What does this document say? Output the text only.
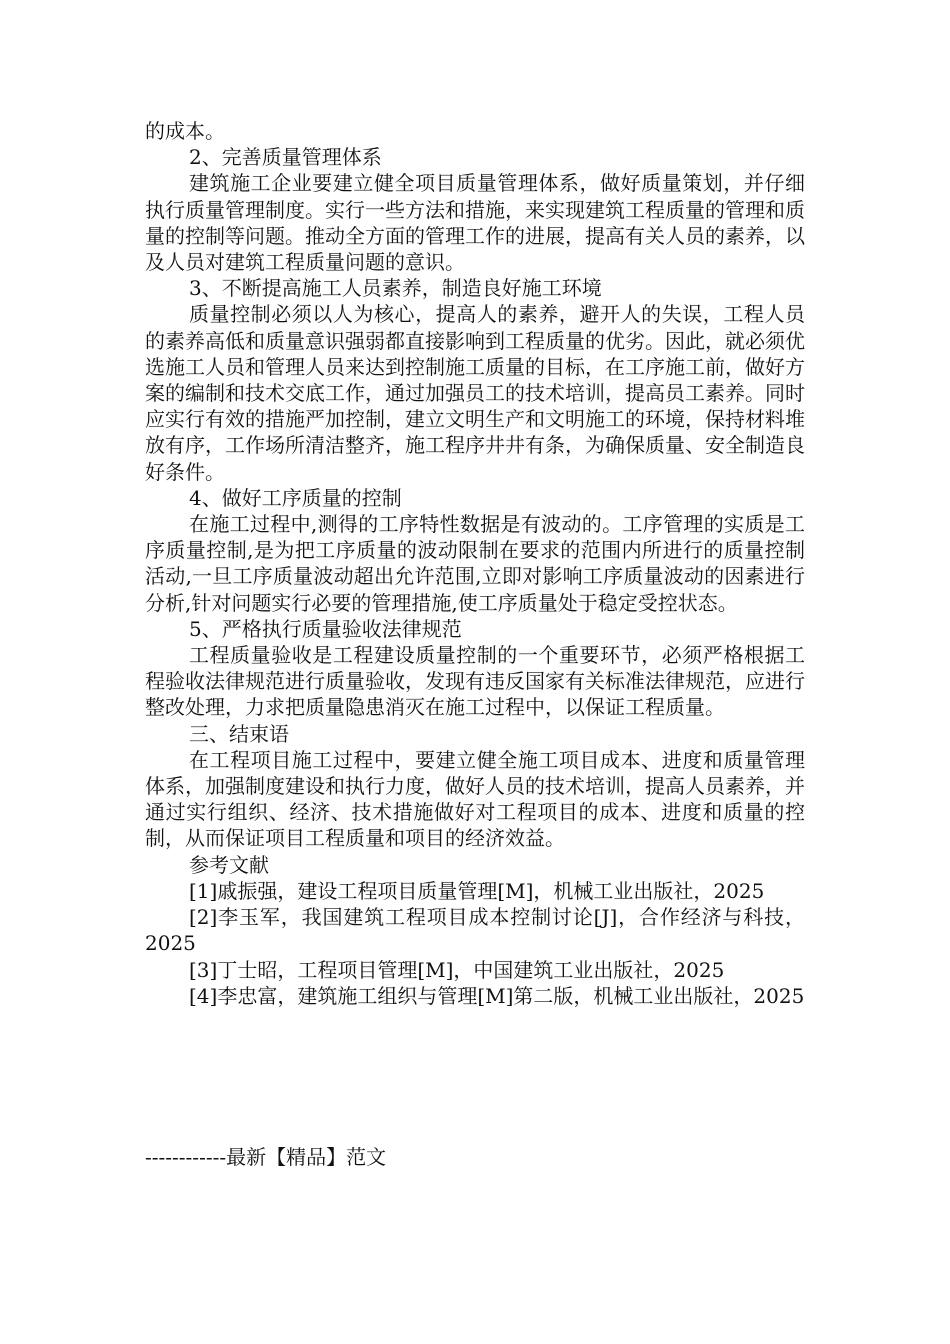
的成本。

2、完善质量管理体系

建筑施工企业要建立健全项目质量管理体系，做好质量策划，并仔细执行质量管理制度。实行一些方法和措施，来实现建筑工程质量的管理和质量的控制等问题。推动全方面的管理工作的进展，提高有关人员的素养，以及人员对建筑工程质量问题的意识。

3、不断提高施工人员素养，制造良好施工环境

质量控制必须以人为核心，提高人的素养，避开人的失误，工程人员的素养高低和质量意识强弱都直接影响到工程质量的优劣。因此，就必须优选施工人员和管理人员来达到控制施工质量的目标，在工序施工前，做好方案的编制和技术交底工作，通过加强员工的技术培训，提高员工素养。同时应实行有效的措施严加控制，建立文明生产和文明施工的环境，保持材料堆放有序，工作场所清洁整齐，施工程序井井有条，为确保质量、安全制造良好条件。

4、做好工序质量的控制

在施工过程中,测得的工序特性数据是有波动的。工序管理的实质是工序质量控制,是为把工序质量的波动限制在要求的范围内所进行的质量控制活动,一旦工序质量波动超出允许范围,立即对影响工序质量波动的因素进行分析,针对问题实行必要的管理措施,使工序质量处于稳定受控状态。

5、严格执行质量验收法律规范

工程质量验收是工程建设质量控制的一个重要环节，必须严格根据工程验收法律规范进行质量验收，发现有违反国家有关标准法律规范，应进行整改处理，力求把质量隐患消灭在施工过程中，以保证工程质量。

三、结束语

在工程项目施工过程中，要建立健全施工项目成本、进度和质量管理体系，加强制度建设和执行力度，做好人员的技术培训，提高人员素养，并通过实行组织、经济、技术措施做好对工程项目的成本、进度和质量的控制，从而保证项目工程质量和项目的经济效益。

参考文献

[1]戚振强，建设工程项目质量管理[M]，机械工业出版社，2025

[2]李玉军，我国建筑工程项目成本控制讨论[J]，合作经济与科技，2025

[3]丁士昭，工程项目管理[M]，中国建筑工业出版社，2025

[4]李忠富，建筑施工组织与管理[M]第二版，机械工业出版社，2025

------------最新【精品】范文
